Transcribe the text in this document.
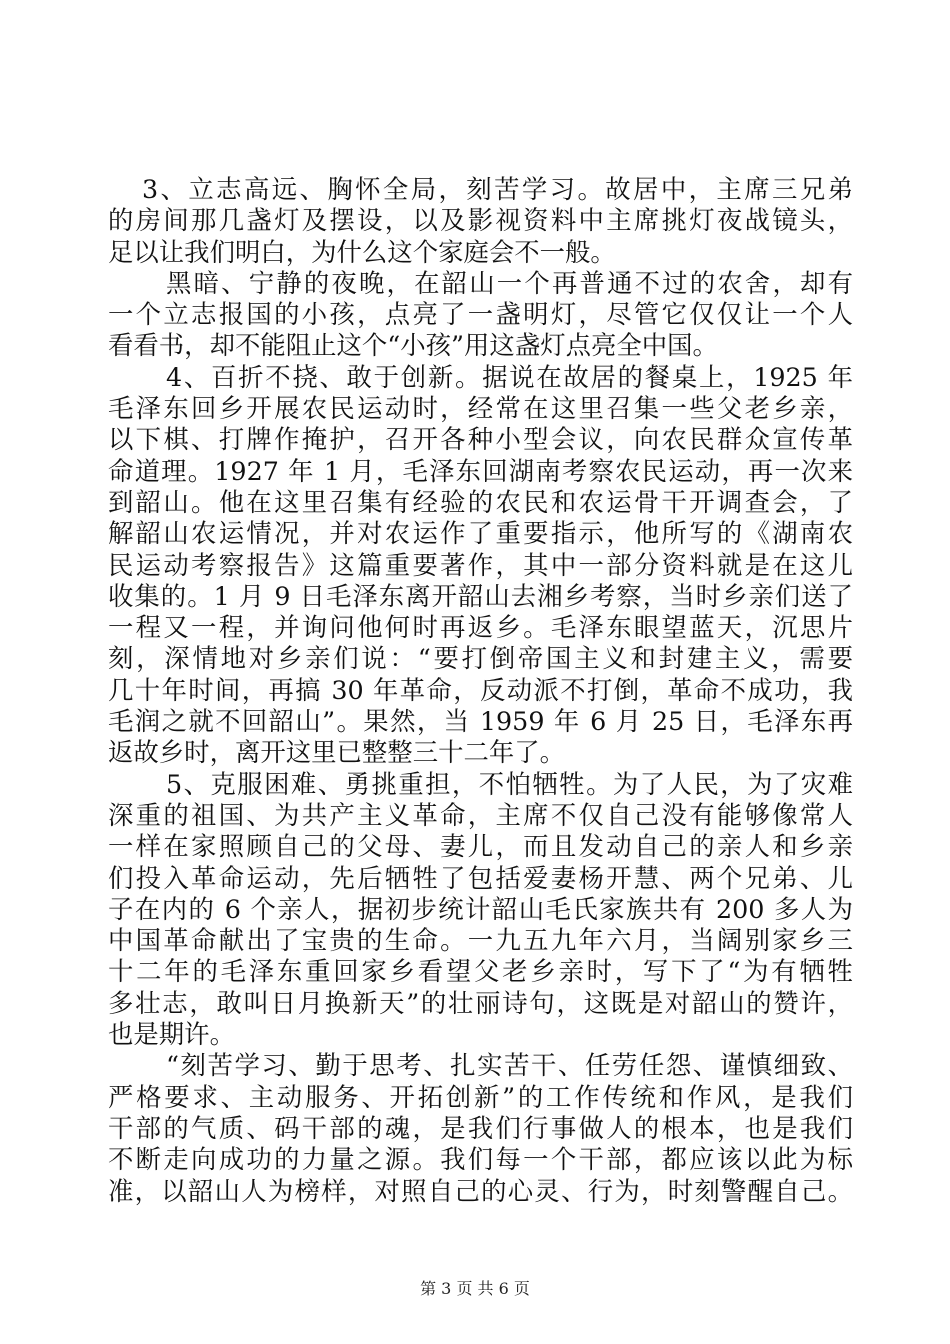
3、立志高远、胸怀全局，刻苦学习。故居中，主席三兄弟
的房间那几盏灯及摆设，以及影视资料中主席挑灯夜战镜头，
足以让我们明白，为什么这个家庭会不一般。
黑暗、宁静的夜晚，在韶山一个再普通不过的农舍，却有
一个立志报国的小孩，点亮了一盏明灯，尽管它仅仅让一个人
看看书，却不能阻止这个“小孩”用这盏灯点亮全中国。
4、百折不挠、敢于创新。据说在故居的餐桌上，1925 年
毛泽东回乡开展农民运动时，经常在这里召集一些父老乡亲，
以下棋、打牌作掩护，召开各种小型会议，向农民群众宣传革
命道理。1927 年 1 月，毛泽东回湖南考察农民运动，再一次来
到韶山。他在这里召集有经验的农民和农运骨干开调查会，了
解韶山农运情况，并对农运作了重要指示，他所写的《湖南农
民运动考察报告》这篇重要著作，其中一部分资料就是在这儿
收集的。1 月 9 日毛泽东离开韶山去湘乡考察，当时乡亲们送了
一程又一程，并询问他何时再返乡。毛泽东眼望蓝天，沉思片
刻，深情地对乡亲们说：“要打倒帝国主义和封建主义，需要
几十年时间，再搞 30 年革命，反动派不打倒，革命不成功，我
毛润之就不回韶山”。果然，当 1959 年 6 月 25 日，毛泽东再
返故乡时，离开这里已整整三十二年了。
5、克服困难、勇挑重担，不怕牺牲。为了人民，为了灾难
深重的祖国、为共产主义革命，主席不仅自己没有能够像常人
一样在家照顾自己的父母、妻儿，而且发动自己的亲人和乡亲
们投入革命运动，先后牺牲了包括爱妻杨开慧、两个兄弟、儿
子在内的 6 个亲人，据初步统计韶山毛氏家族共有 200 多人为
中国革命献出了宝贵的生命。一九五九年六月，当阔别家乡三
十二年的毛泽东重回家乡看望父老乡亲时，写下了“为有牺牲
多壮志，敢叫日月换新天”的壮丽诗句，这既是对韶山的赞许，
也是期许。
“刻苦学习、勤于思考、扎实苦干、任劳任怨、谨慎细致、
严格要求、主动服务、开拓创新”的工作传统和作风，是我们
干部的气质、码干部的魂，是我们行事做人的根本，也是我们
不断走向成功的力量之源。我们每一个干部，都应该以此为标
准，以韶山人为榜样，对照自己的心灵、行为，时刻警醒自己。
第 3 页 共 6 页
